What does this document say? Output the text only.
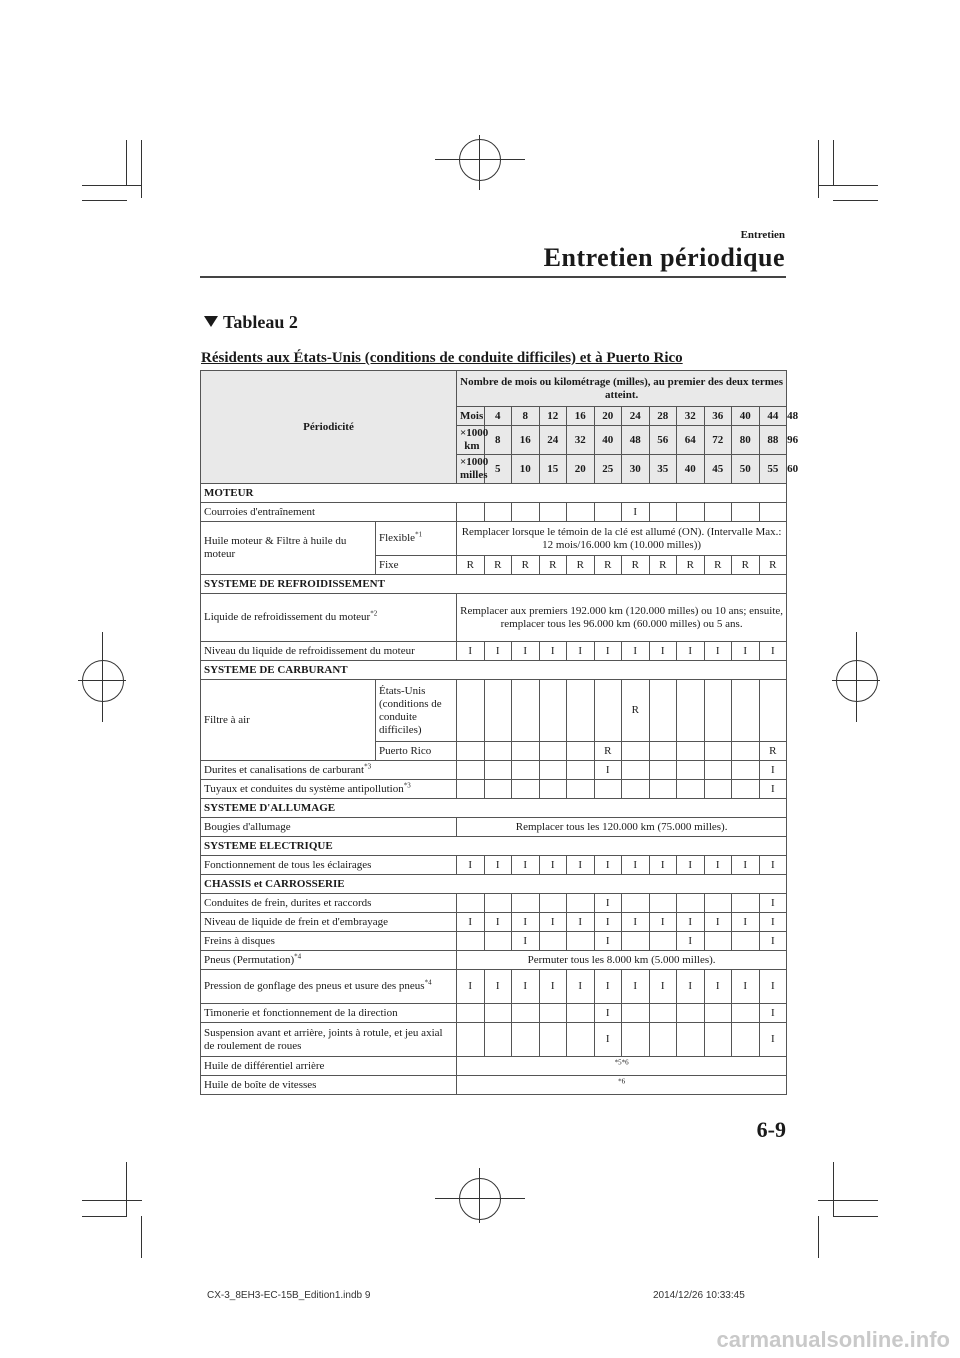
Entretien
Entretien périodique
Tableau 2
Résidents aux États-Unis (conditions de conduite difficiles) et à Puerto Rico
Périodicité		Nombre de mois ou kilométrage (milles), au premier des deux termes atteint.												
		Mois	4	8	12	16	20	24	28	32	36	40	44	48
		×1000 km	8	16	24	32	40	48	56	64	72	80	88	96
		×1000 milles	5	10	15	20	25	30	35	40	45	50	55	60
MOTEUR														
Courroies d'entraînement								I						
Huile moteur & Filtre à huile du moteur	Flexible$^{*1}$	Remplacer lorsque le témoin de la clé est allumé (ON). (Intervalle Max.: 12 mois/16.000 km (10.000 milles))												
	Fixe	R	R	R	R	R	R	R	R	R	R	R	R	
SYSTEME DE REFROIDISSEMENT														
Liquide de refroidissement du moteur$^{*2}$		Remplacer aux premiers 192.000 km (120.000 milles) ou 10 ans; ensuite, remplacer tous les 96.000 km (60.000 milles) ou 5 ans.												
Niveau du liquide de refroidissement du moteur		I	I	I	I	I	I	I	I	I	I	I	I	
SYSTEME DE CARBURANT														
Filtre à air	États-Unis (conditions de conduite difficiles)							R						
	Puerto Rico						R						R	
Durites et canalisations de carburant$^{*3}$							I						I	
Tuyaux et conduites du système antipollution$^{*3}$													I	
SYSTEME D'ALLUMAGE														
Bougies d'allumage		Remplacer tous les 120.000 km (75.000 milles).												
SYSTEME ELECTRIQUE														
Fonctionnement de tous les éclairages		I	I	I	I	I	I	I	I	I	I	I	I	
CHASSIS et CARROSSERIE														
Conduites de frein, durites et raccords							I						I	
Niveau de liquide de frein et d'embrayage		I	I	I	I	I	I	I	I	I	I	I	I	
Freins à disques				I			I			I			I	
Pneus (Permutation)$^{*4}$		Permuter tous les 8.000 km (5.000 milles).												
Pression de gonflage des pneus et usure des pneus$^{*4}$		I	I	I	I	I	I	I	I	I	I	I	I	
Timonerie et fonctionnement de la direction							I						I	
Suspension avant et arrière, joints à rotule, et jeu axial de roulement de roues							I						I	
Huile de différentiel arrière		$^{*5*6}$
Huile de boîte de vitesses		$^{*6}$
6-9
CX-3_8EH3-EC-15B_Edition1.indb 9	2014/12/26 10:33:45
carmanualsonline.info
